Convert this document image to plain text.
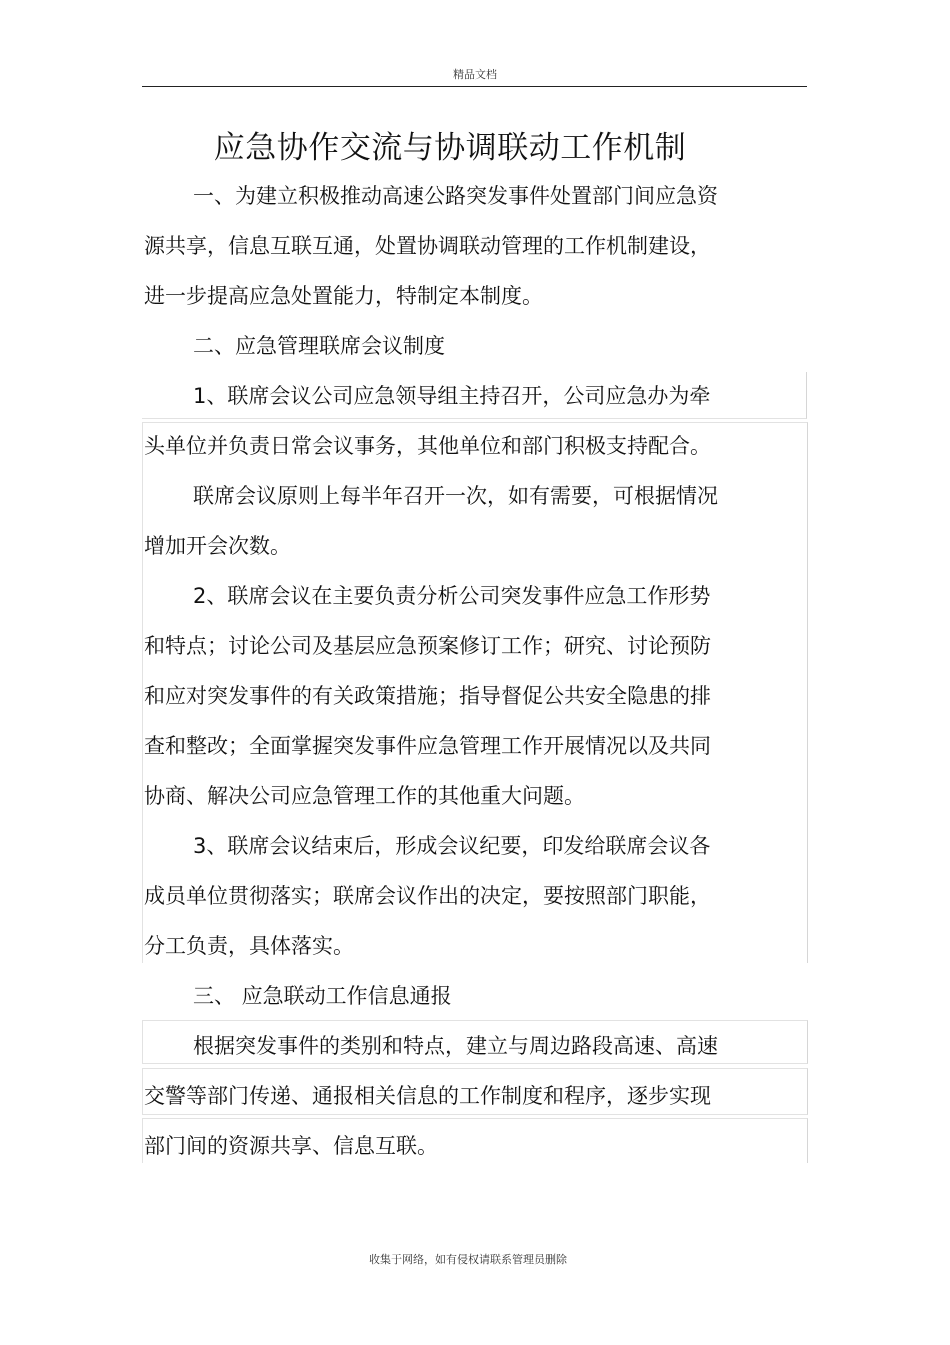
精品文档
应急协作交流与协调联动工作机制
一、为建立积极推动高速公路突发事件处置部门间应急资
源共享，信息互联互通，处置协调联动管理的工作机制建设，
进一步提高应急处置能力，特制定本制度。
二、应急管理联席会议制度
1、联席会议公司应急领导组主持召开，公司应急办为牵
头单位并负责日常会议事务，其他单位和部门积极支持配合。
联席会议原则上每半年召开一次，如有需要，可根据情况
增加开会次数。
2、联席会议在主要负责分析公司突发事件应急工作形势
和特点；讨论公司及基层应急预案修订工作；研究、讨论预防
和应对突发事件的有关政策措施；指导督促公共安全隐患的排
查和整改；全面掌握突发事件应急管理工作开展情况以及共同
协商、解决公司应急管理工作的其他重大问题。
3、联席会议结束后，形成会议纪要，印发给联席会议各
成员单位贯彻落实；联席会议作出的决定，要按照部门职能，
分工负责，具体落实。
三、 应急联动工作信息通报
根据突发事件的类别和特点，建立与周边路段高速、高速
交警等部门传递、通报相关信息的工作制度和程序，逐步实现
部门间的资源共享、信息互联。
收集于网络，如有侵权请联系管理员删除
